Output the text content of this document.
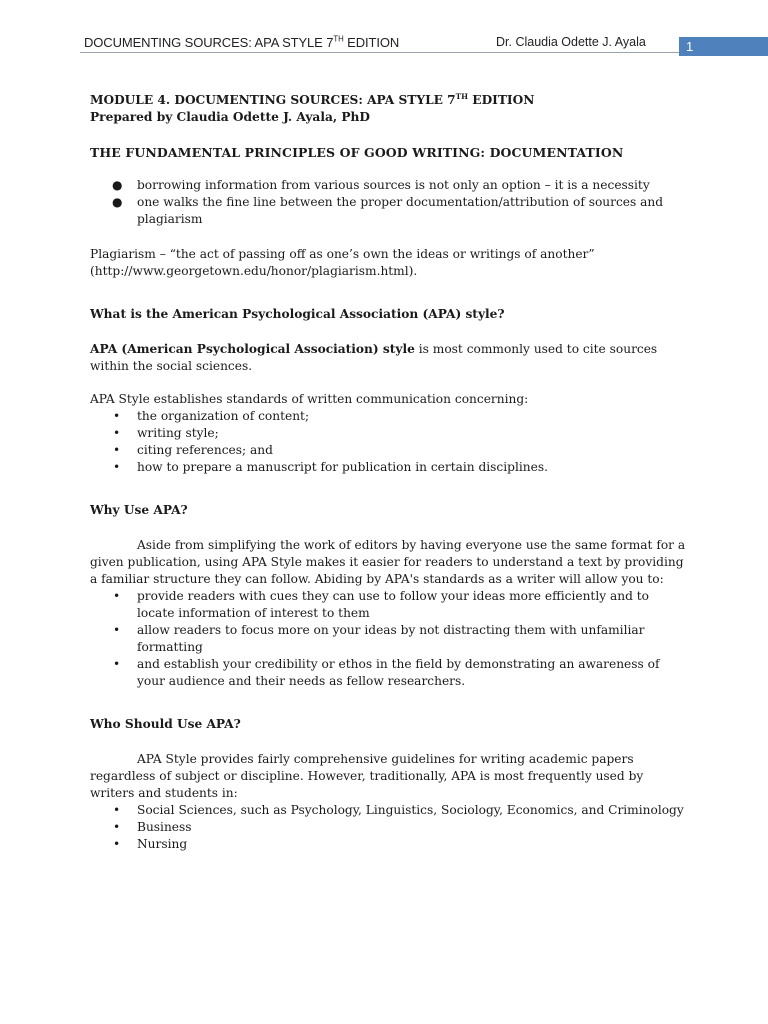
DOCUMENTING SOURCES: APA STYLE 7TH EDITION	Dr. Claudia Odette J. Ayala	1

MODULE 4. DOCUMENTING SOURCES: APA STYLE 7TH EDITION

Prepared by Claudia Odette J. Ayala, PhD

THE FUNDAMENTAL PRINCIPLES OF GOOD WRITING: DOCUMENTATION

● borrowing information from various sources is not only an option – it is a necessity
● one walks the fine line between the proper documentation/attribution of sources and plagiarism

Plagiarism – “the act of passing off as one’s own the ideas or writings of another” (http://www.georgetown.edu/honor/plagiarism.html).

What is the American Psychological Association (APA) style?

APA (American Psychological Association) style is most commonly used to cite sources within the social sciences.

APA Style establishes standards of written communication concerning:

• the organization of content;
• writing style;
• citing references; and
• how to prepare a manuscript for publication in certain disciplines.

Why Use APA?

Aside from simplifying the work of editors by having everyone use the same format for a given publication, using APA Style makes it easier for readers to understand a text by providing a familiar structure they can follow. Abiding by APA's standards as a writer will allow you to:

• provide readers with cues they can use to follow your ideas more efficiently and to locate information of interest to them
• allow readers to focus more on your ideas by not distracting them with unfamiliar formatting
• and establish your credibility or ethos in the field by demonstrating an awareness of your audience and their needs as fellow researchers.

Who Should Use APA?

APA Style provides fairly comprehensive guidelines for writing academic papers regardless of subject or discipline. However, traditionally, APA is most frequently used by writers and students in:

• Social Sciences, such as Psychology, Linguistics, Sociology, Economics, and Criminology
• Business
• Nursing
